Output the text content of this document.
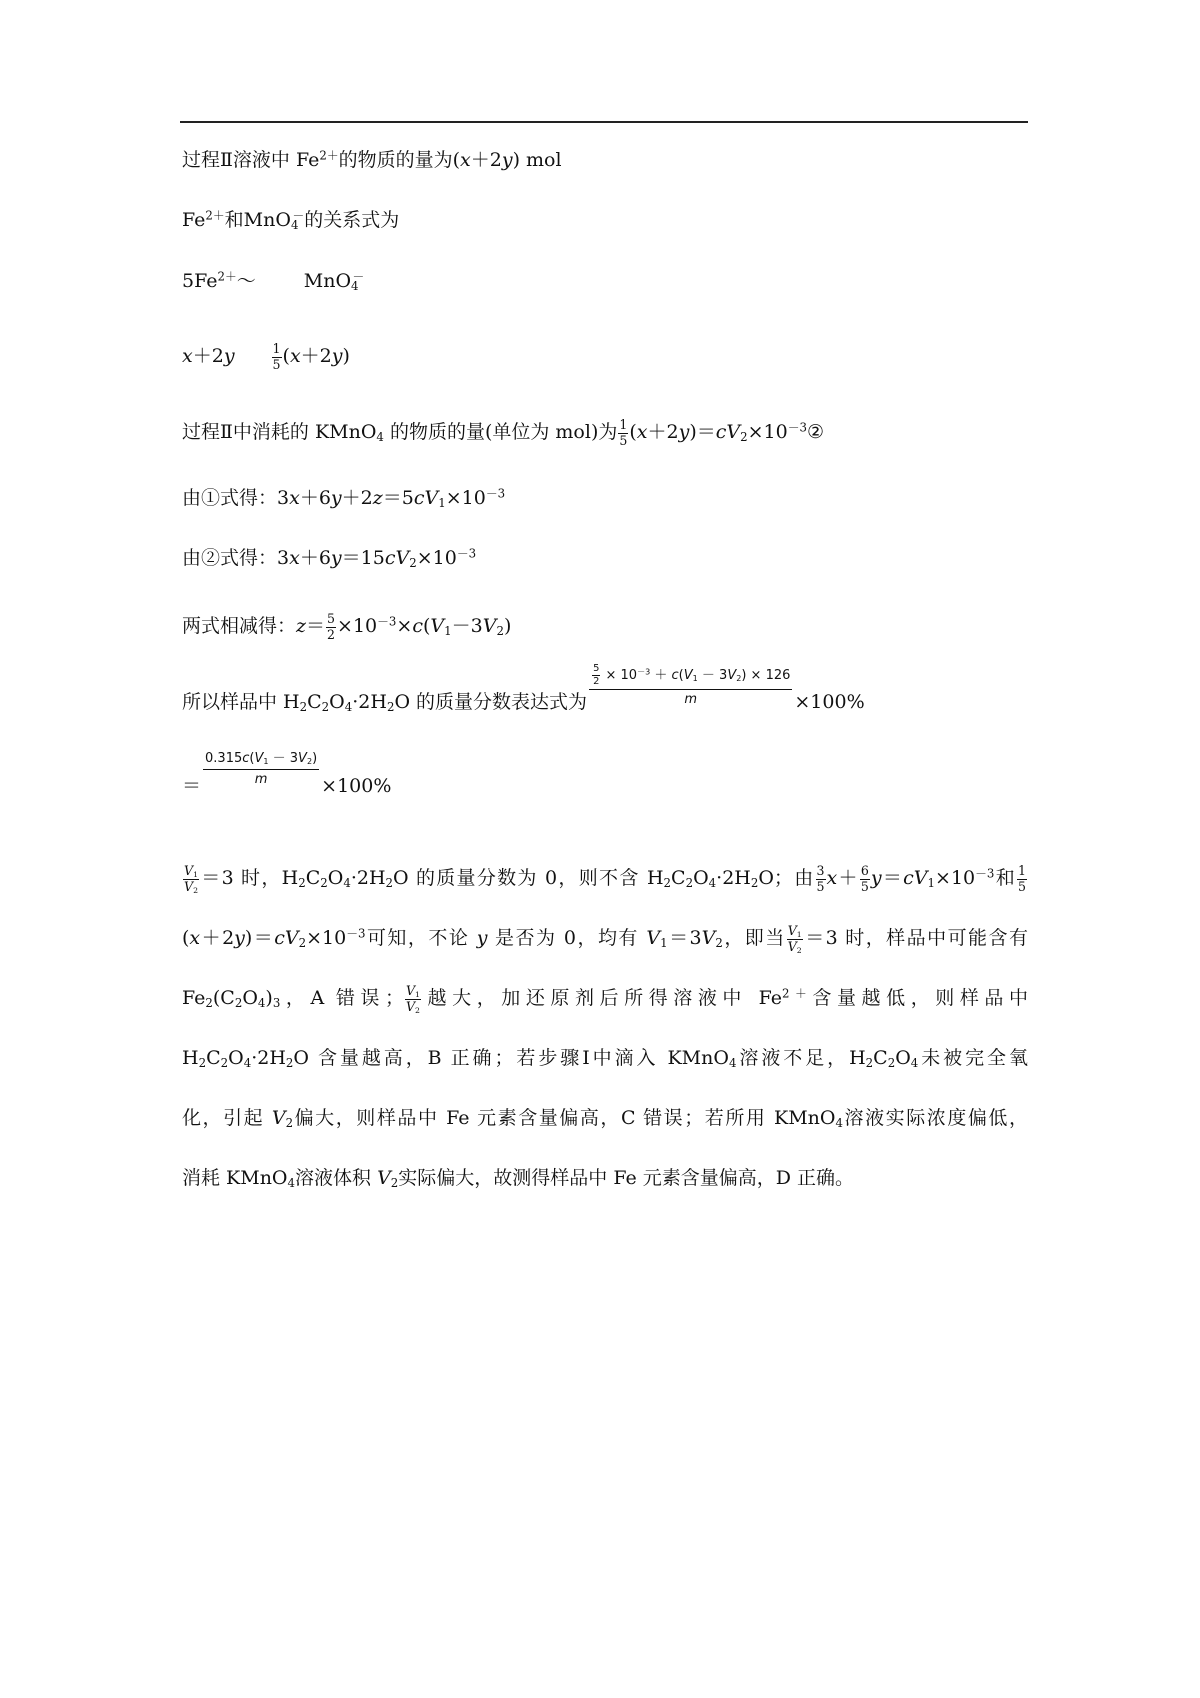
过程Ⅱ溶液中 $Fe^{2+}$的物质的量为(x＋2y) mol
$Fe^{2+}$和MnO$_4$－的关系式为
$5Fe^{2+}\sim$	MnO$_4$－
x＋2y	$\frac{1}{5} (x+2y)$
过程Ⅱ中消耗的 KMnO$_4$ 的物质的量(单位为 mol)为 $\frac{1}{5}$ $(x+2y)=cV_2\times 10^{-3}②$
由①式得：$3x+6y+2z=5cV_1\times 10^{-3}$
由②式得：$3x+6y=15cV_2\times 10^{-3}$
两式相减得：$z= \frac{5}{2} \times 10^{-3}\times c(V_1-3V_2)$
所以样品中 $H_2C_2O_4\cdot 2H_2O$ 的质量分数表达式为 $\frac{\frac{5}{2} \times 10^{-3} + c(V_1 - 3V_2) \times 126}{m} \times 100\%$
＝ $\frac{0.315c(V_1 - 3V_2)}{m} \times 100\%$
$\frac{V_1}{V_2} =3$ 时，$H_2C_2O_4\cdot 2H_2O$ 的质量分数为 0，则不含 $H_2C_2O_4\cdot 2H_2O$；由 $\frac{3}{5} x+ \frac{6}{5} y=cV_1\times 10^{-3}$和 $\frac{1}{5}$
$(x+2y)=cV_2\times 10^{-3}$可知，不论 y 是否为 0，均有 $V_1=3V_2$，即当 $\frac{V_1}{V_2} =3$ 时，样品中可能含有
$Fe_2(C_2O_4)_3$，A 错误； $\frac{V_1}{V_2}$ 越大，加还原剂后所得溶液中 $Fe^{2+}$含量越低，则样品中
$H_2C_2O_4\cdot 2H_2O$ 含量越高，B 正确；若步骤Ⅰ中滴入 KMnO$_4$溶液不足，$H_2C_2O_4$未被完全氧
化，引起 $V_2$偏大，则样品中 Fe 元素含量偏高，C 错误；若所用 KMnO$_4$溶液实际浓度偏低，
消耗 KMnO$_4$溶液体积 $V_2$实际偏大，故测得样品中 Fe 元素含量偏高，D 正确。
